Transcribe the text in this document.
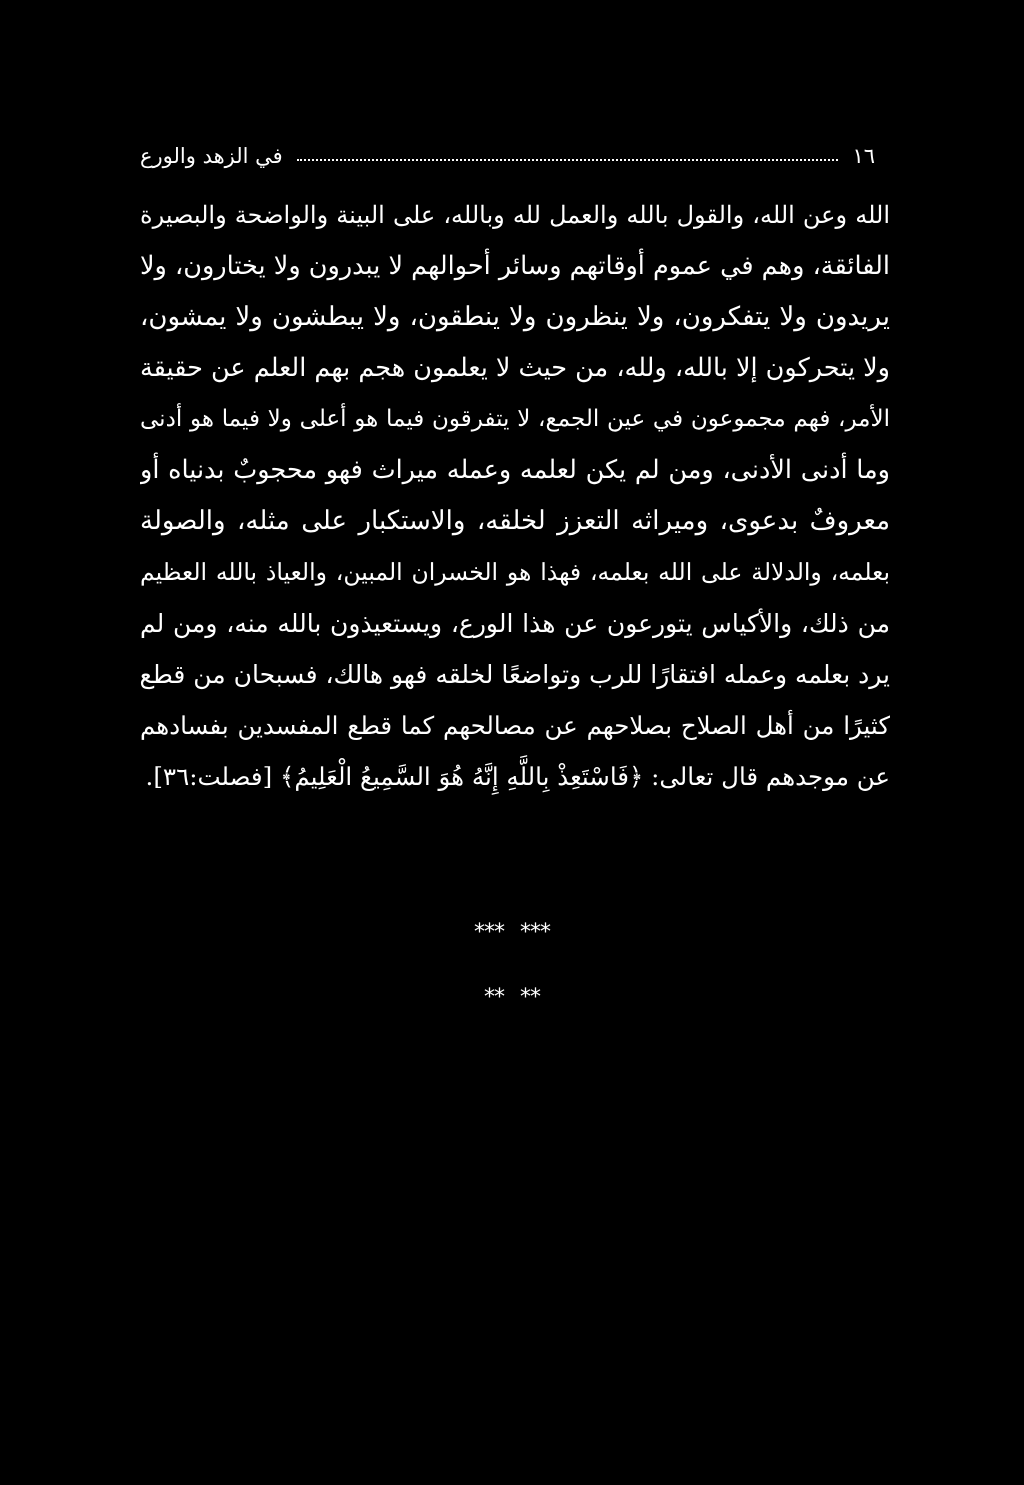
١٦
في الزهد والورع
الله وعن الله، والقول بالله والعمل لله وبالله، على البينة والواضحة والبصيرة
الفائقة، وهم في عموم أوقاتهم وسائر أحوالهم لا يبدرون ولا يختارون، ولا
يريدون ولا يتفكرون، ولا ينظرون ولا ينطقون، ولا يبطشون ولا يمشون،
ولا يتحركون إلا بالله، ولله، من حيث لا يعلمون هجم بهم العلم عن حقيقة
الأمر، فهم مجموعون في عين الجمع، لا يتفرقون فيما هو أعلى ولا فيما هو أدنى
وما أدنى الأدنى، ومن لم يكن لعلمه وعمله ميراث فهو محجوبٌ بدنياه أو
معروفٌ بدعوى، وميراثه التعزز لخلقه، والاستكبار على مثله، والصولة
بعلمه، والدلالة على الله بعلمه، فهذا هو الخسران المبين، والعياذ بالله العظيم
من ذلك، والأكياس يتورعون عن هذا الورع، ويستعيذون بالله منه، ومن لم
يرد بعلمه وعمله افتقارًا للرب وتواضعًا لخلقه فهو هالك، فسبحان من قطع
كثيرًا من أهل الصلاح بصلاحهم عن مصالحهم كما قطع المفسدين بفسادهم
عن موجدهم قال تعالى: ﴿فَاسْتَعِذْ بِاللَّهِ إِنَّهُ هُوَ السَّمِيعُ الْعَلِيمُ﴾ [فصلت:٣٦].
*** ***
** **
